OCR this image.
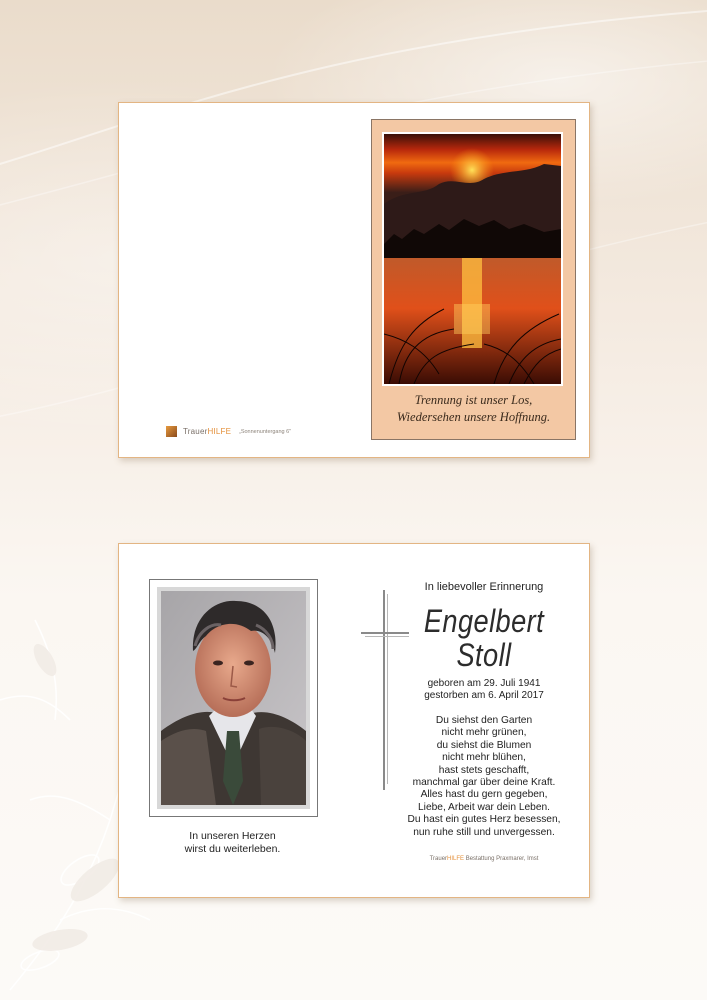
Trennung ist unser Los,
Wiedersehen unsere Hoffnung.
TrauerHILFE „Sonnenuntergang 6"
In unseren Herzen
wirst du weiterleben.
In liebevoller Erinnerung
Engelbert
Stoll
geboren am 29. Juli 1941
gestorben am 6. April 2017
Du siehst den Garten
nicht mehr grünen,
du siehst die Blumen
nicht mehr blühen,
hast stets geschafft,
manchmal gar über deine Kraft.
Alles hast du gern gegeben,
Liebe, Arbeit war dein Leben.
Du hast ein gutes Herz besessen,
nun ruhe still und unvergessen.
TrauerHILFE Bestattung Praxmarer, Imst
